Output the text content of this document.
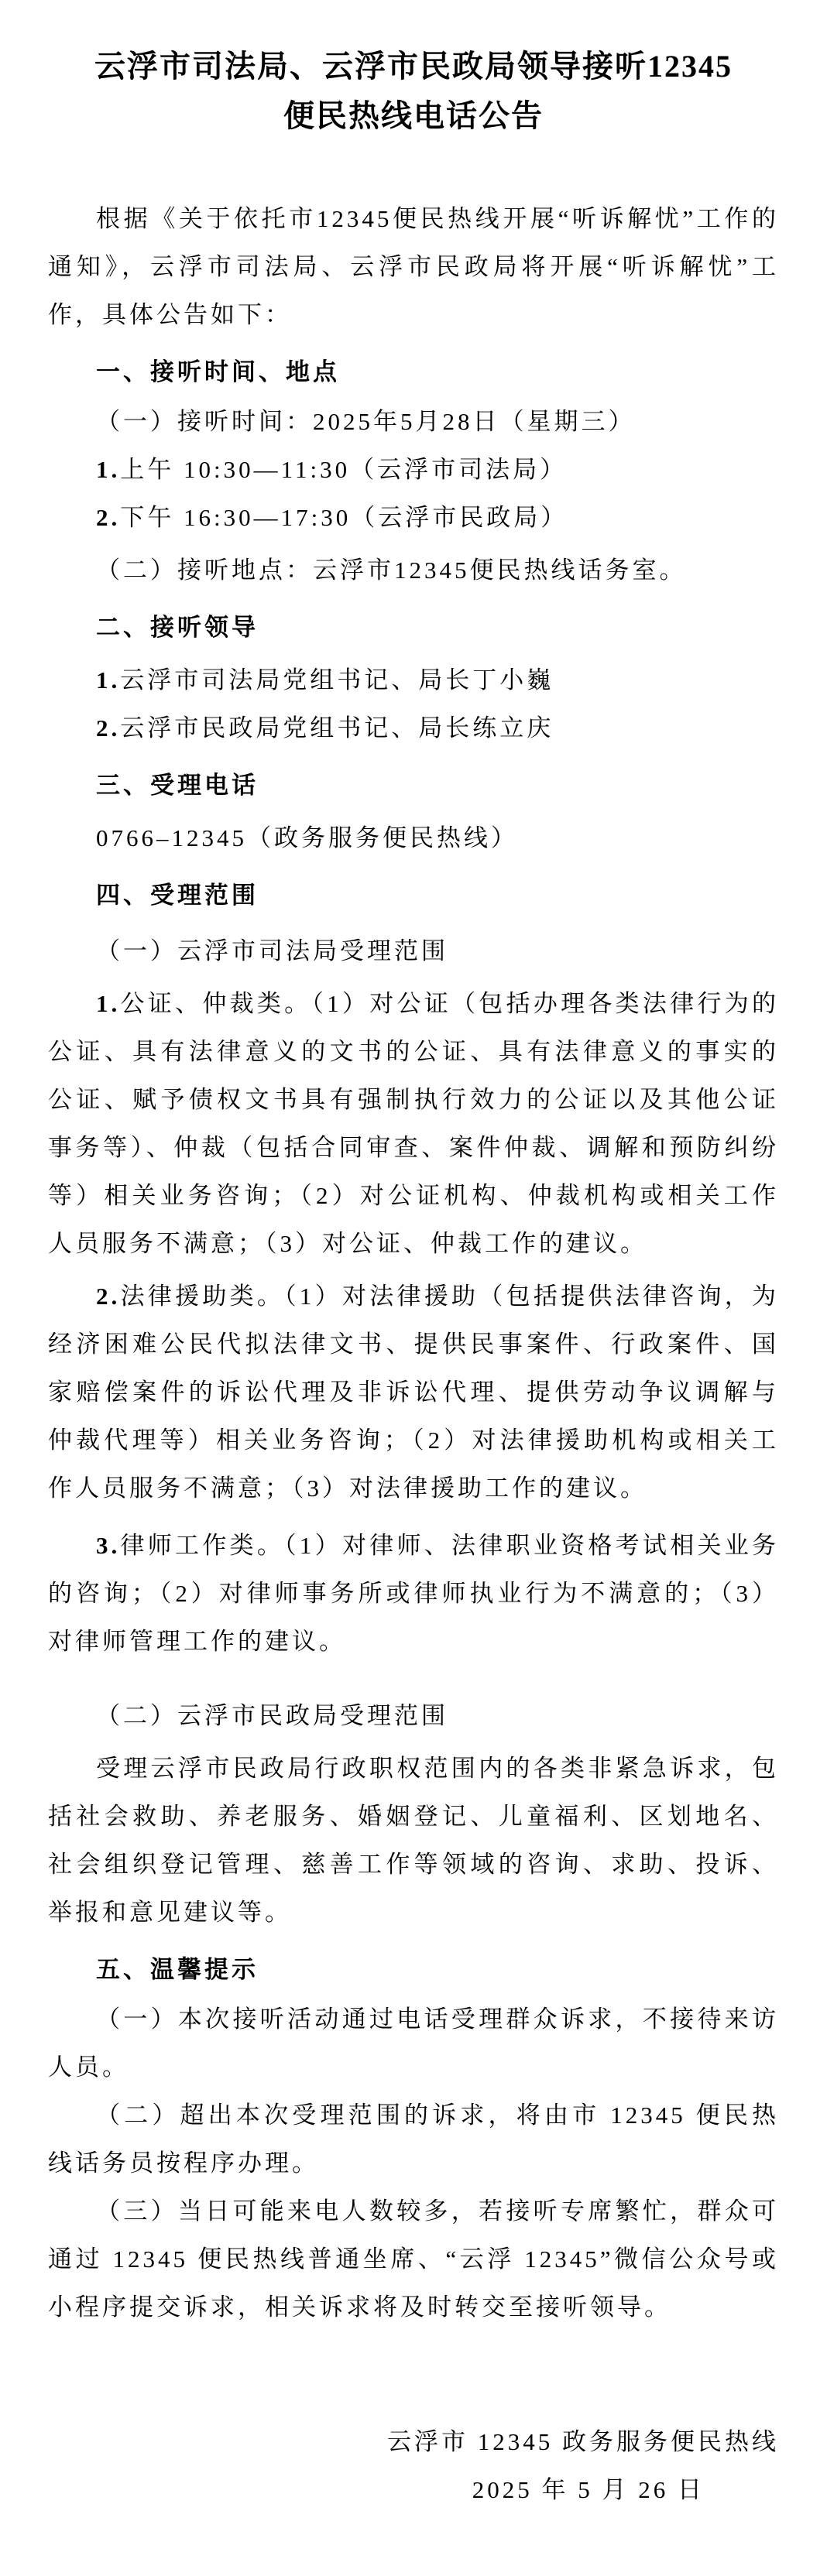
云浮市司法局、云浮市民政局领导接听12345
便民热线电话公告

根据《关于依托市12345便民热线开展“听诉解忧”工作的通知》，云浮市司法局、云浮市民政局将开展“听诉解忧”工作，具体公告如下：

一、接听时间、地点

（一）接听时间：2025年5月28日（星期三）

1.上午 10:30—11:30（云浮市司法局）

2.下午 16:30—17:30（云浮市民政局）

（二）接听地点：云浮市12345便民热线话务室。

二、接听领导

1.云浮市司法局党组书记、局长丁小巍

2.云浮市民政局党组书记、局长练立庆

三、受理电话

0766–12345（政务服务便民热线）

四、受理范围

（一）云浮市司法局受理范围

1.公证、仲裁类。（1）对公证（包括办理各类法律行为的公证、具有法律意义的文书的公证、具有法律意义的事实的公证、赋予债权文书具有强制执行效力的公证以及其他公证事务等）、仲裁（包括合同审查、案件仲裁、调解和预防纠纷等）相关业务咨询；（2）对公证机构、仲裁机构或相关工作人员服务不满意；（3）对公证、仲裁工作的建议。

2.法律援助类。（1）对法律援助（包括提供法律咨询，为经济困难公民代拟法律文书、提供民事案件、行政案件、国家赔偿案件的诉讼代理及非诉讼代理、提供劳动争议调解与仲裁代理等）相关业务咨询；（2）对法律援助机构或相关工作人员服务不满意；（3）对法律援助工作的建议。

3.律师工作类。（1）对律师、法律职业资格考试相关业务的咨询；（2）对律师事务所或律师执业行为不满意的；（3）对律师管理工作的建议。

（二）云浮市民政局受理范围

受理云浮市民政局行政职权范围内的各类非紧急诉求，包括社会救助、养老服务、婚姻登记、儿童福利、区划地名、社会组织登记管理、慈善工作等领域的咨询、求助、投诉、举报和意见建议等。

五、温馨提示

（一）本次接听活动通过电话受理群众诉求，不接待来访人员。

（二）超出本次受理范围的诉求，将由市 12345 便民热线话务员按程序办理。

（三）当日可能来电人数较多，若接听专席繁忙，群众可通过 12345 便民热线普通坐席、“云浮 12345”微信公众号或小程序提交诉求，相关诉求将及时转交至接听领导。

云浮市 12345 政务服务便民热线

2025 年 5 月 26 日
